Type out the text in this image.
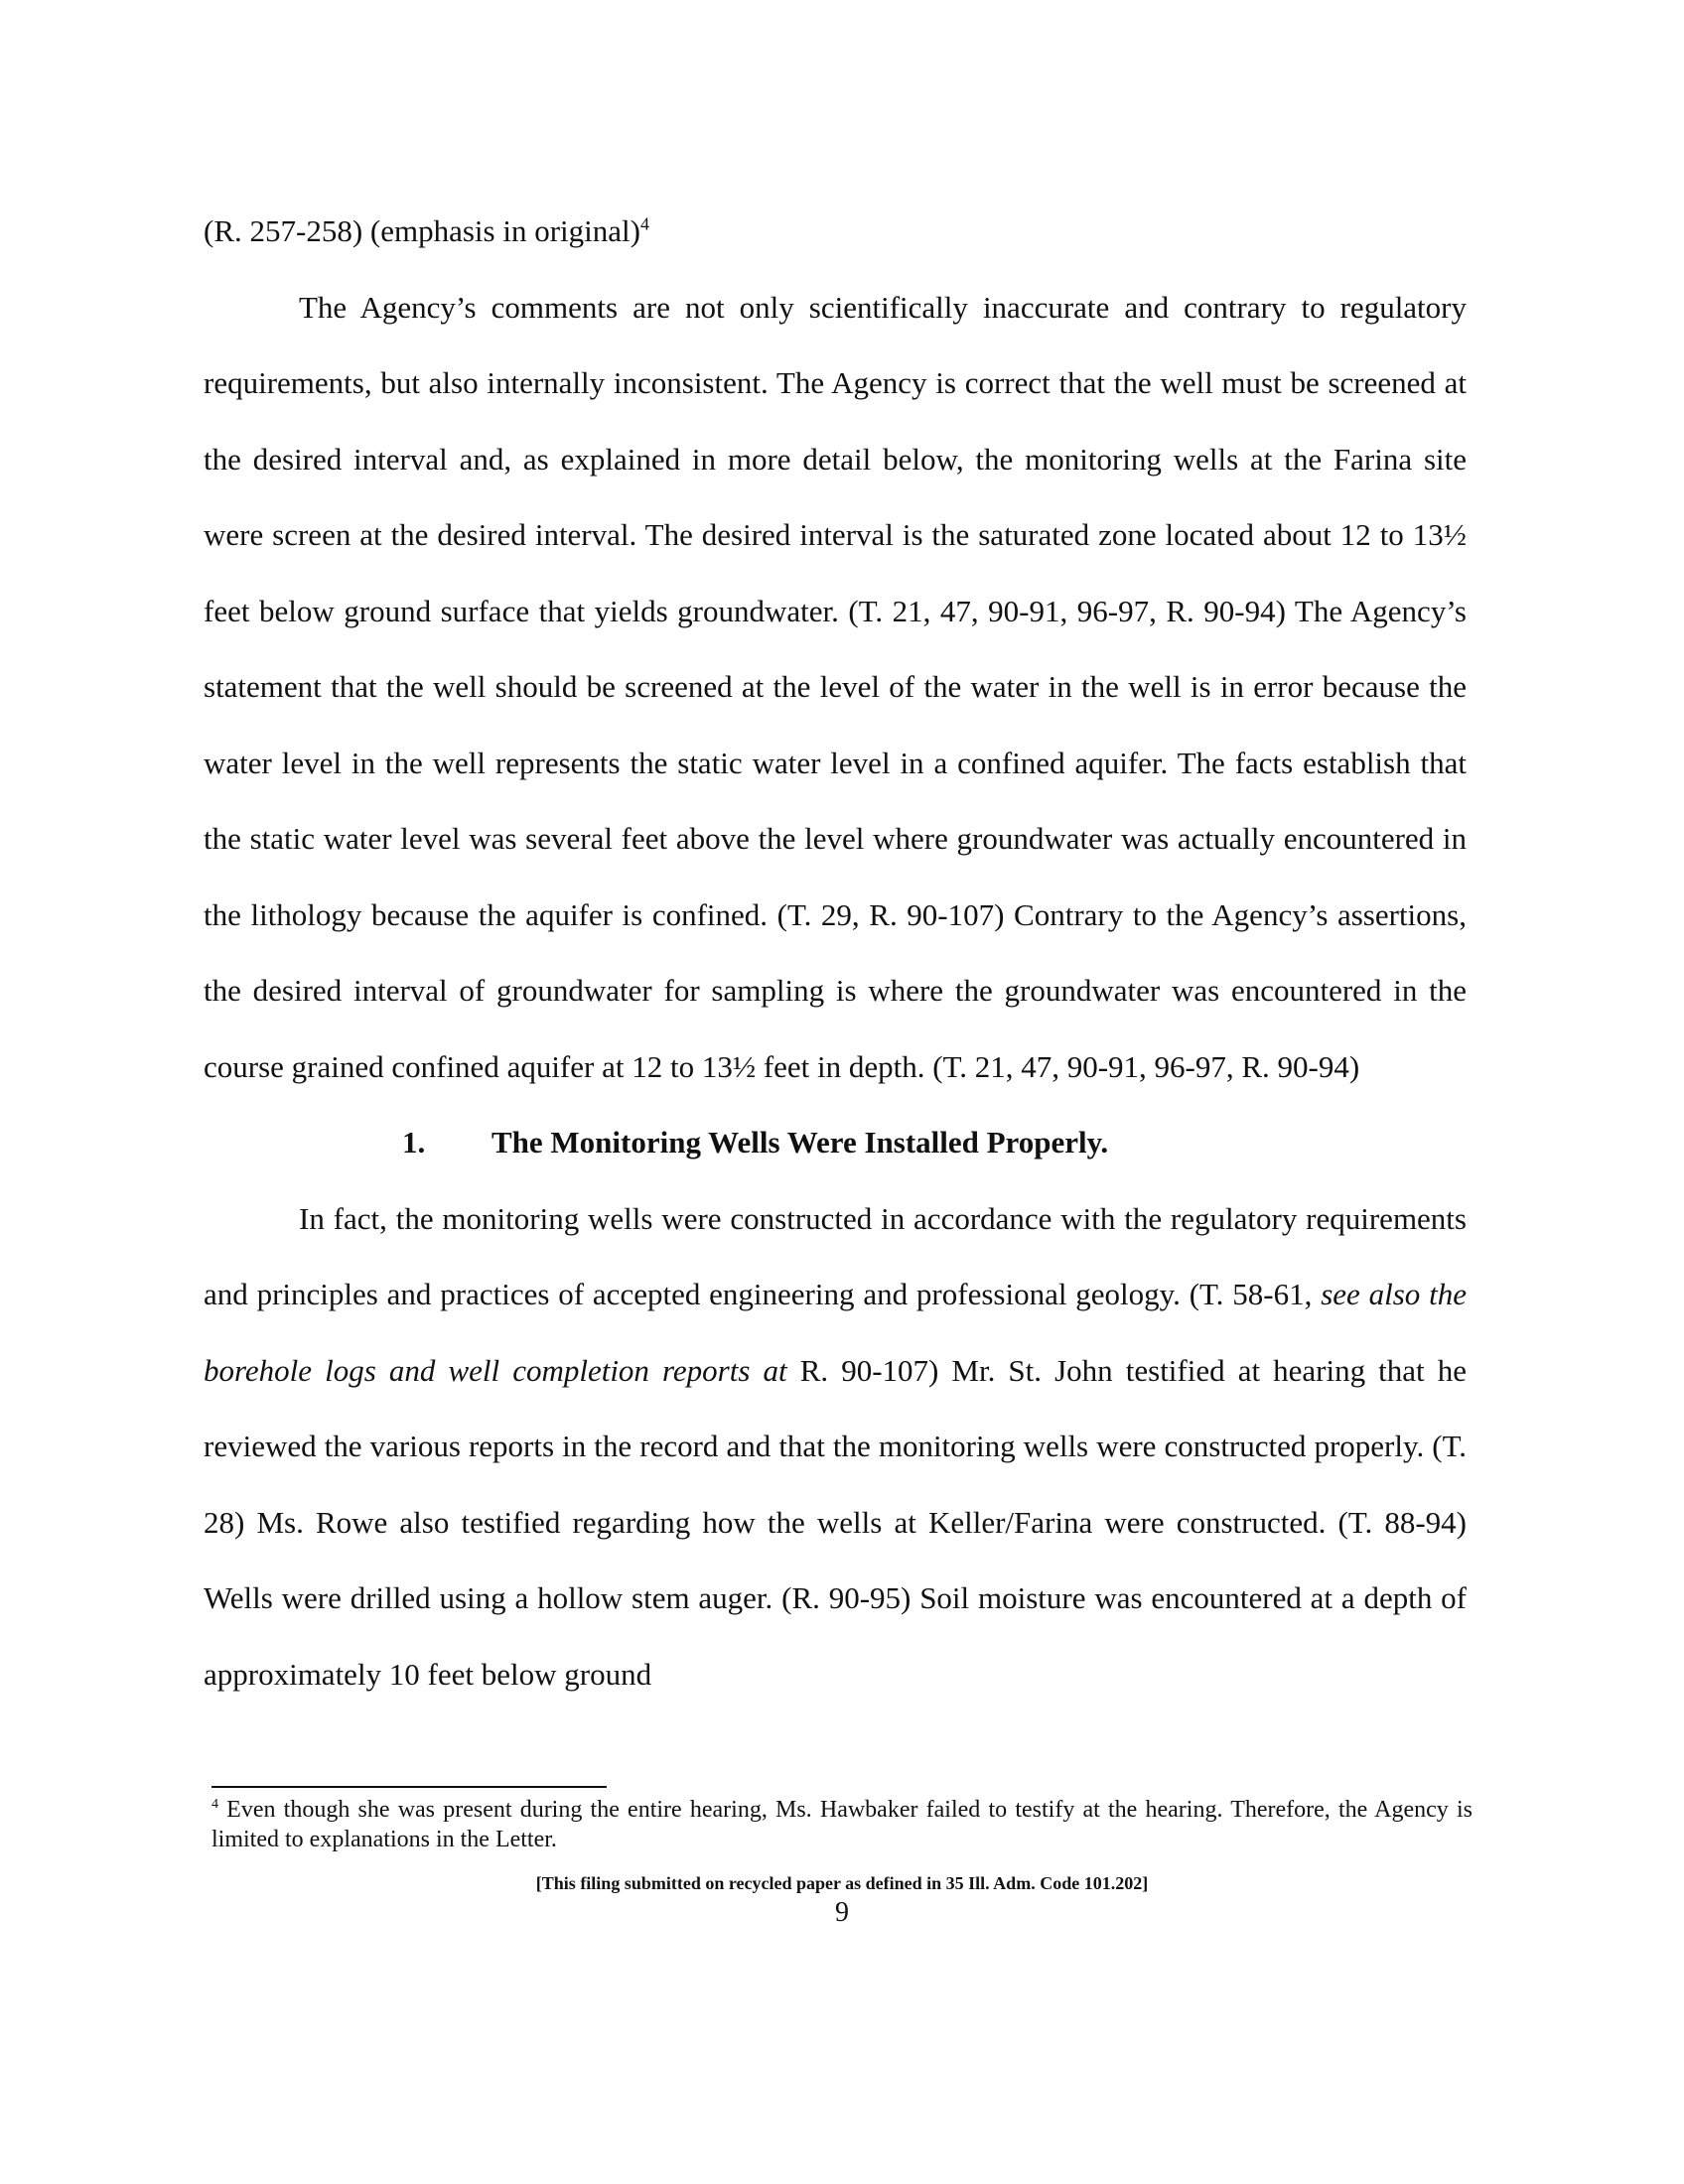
(R. 257-258) (emphasis in original)$^4$

The Agency’s comments are not only scientifically inaccurate and contrary to regulatory requirements, but also internally inconsistent. The Agency is correct that the well must be screened at the desired interval and, as explained in more detail below, the monitoring wells at the Farina site were screen at the desired interval. The desired interval is the saturated zone located about 12 to 13½ feet below ground surface that yields groundwater. (T. 21, 47, 90-91, 96-97, R. 90-94) The Agency’s statement that the well should be screened at the level of the water in the well is in error because the water level in the well represents the static water level in a confined aquifer. The facts establish that the static water level was several feet above the level where groundwater was actually encountered in the lithology because the aquifer is confined. (T. 29, R. 90-107) Contrary to the Agency’s assertions, the desired interval of groundwater for sampling is where the groundwater was encountered in the course grained confined aquifer at 12 to 13½ feet in depth. (T. 21, 47, 90-91, 96-97, R. 90-94)

1. The Monitoring Wells Were Installed Properly.

In fact, the monitoring wells were constructed in accordance with the regulatory requirements and principles and practices of accepted engineering and professional geology. (T. 58-61, see also the borehole logs and well completion reports at R. 90-107) Mr. St. John testified at hearing that he reviewed the various reports in the record and that the monitoring wells were constructed properly. (T. 28) Ms. Rowe also testified regarding how the wells at Keller/Farina were constructed. (T. 88-94) Wells were drilled using a hollow stem auger. (R. 90-95) Soil moisture was encountered at a depth of approximately 10 feet below ground

$^4$ Even though she was present during the entire hearing, Ms. Hawbaker failed to testify at the hearing. Therefore, the Agency is limited to explanations in the Letter.

[This filing submitted on recycled paper as defined in 35 Ill. Adm. Code 101.202]

9
